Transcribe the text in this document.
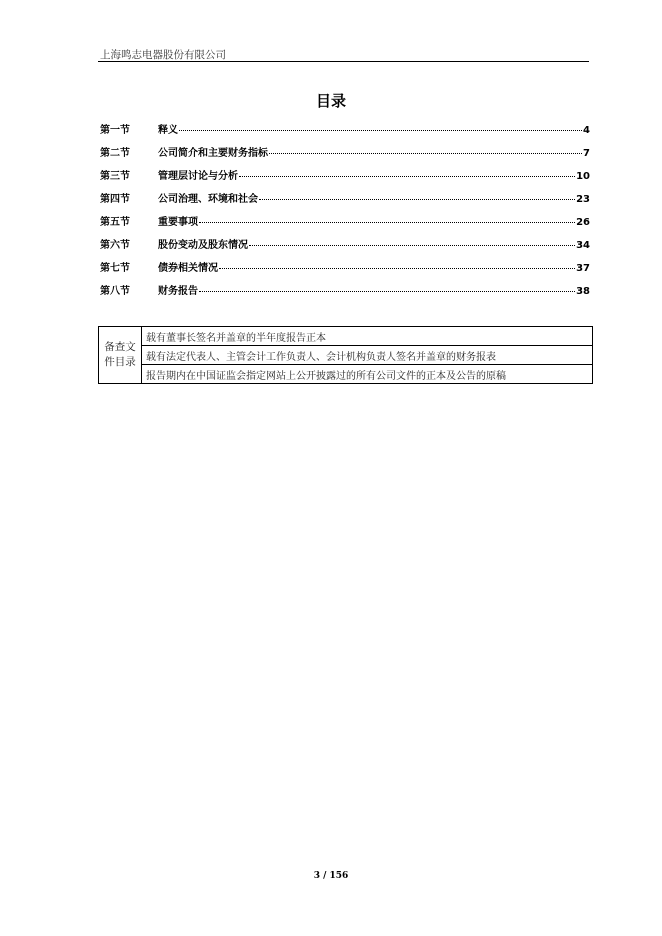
上海鸣志电器股份有限公司
目录
第一节	释义	4
第二节	公司简介和主要财务指标	7
第三节	管理层讨论与分析	10
第四节	公司治理、环境和社会	23
第五节	重要事项	26
第六节	股份变动及股东情况	34
第七节	债券相关情况	37
第八节	财务报告	38
备查文件目录	载有董事长签名并盖章的半年度报告正本
载有法定代表人、主管会计工作负责人、会计机构负责人签名并盖章的财务报表
报告期内在中国证监会指定网站上公开披露过的所有公司文件的正本及公告的原稿
3 / 156
